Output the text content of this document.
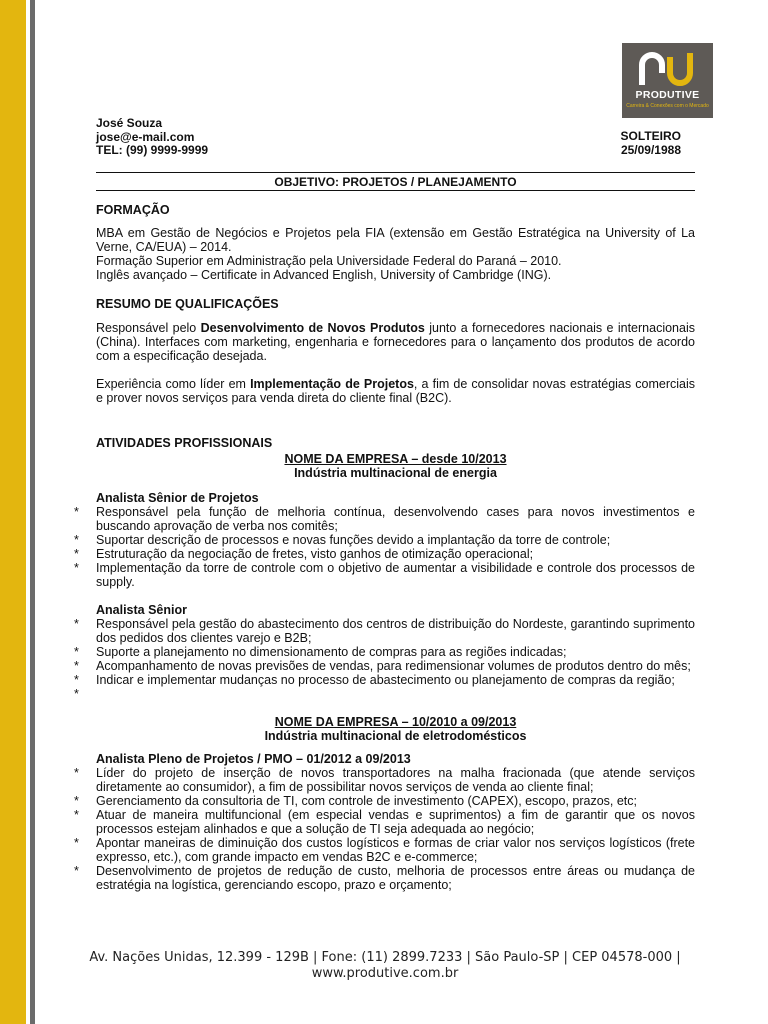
PRODUTIVE
Carreira & Conexões com o Mercado
José Souza
jose@e-mail.com
TEL: (99) 9999-9999
SOLTEIRO
25/09/1988
OBJETIVO: PROJETOS / PLANEJAMENTO
FORMAÇÃO
MBA em Gestão de Negócios e Projetos pela FIA (extensão em Gestão Estratégica na University of La Verne, CA/EUA) – 2014.
Formação Superior em Administração pela Universidade Federal do Paraná – 2010.
Inglês avançado – Certificate in Advanced English, University of Cambridge (ING).
RESUMO DE QUALIFICAÇÕES
Responsável pelo Desenvolvimento de Novos Produtos junto a fornecedores nacionais e internacionais (China). Interfaces com marketing, engenharia e fornecedores para o lançamento dos produtos de acordo com a especificação desejada.
Experiência como líder em Implementação de Projetos, a fim de consolidar novas estratégias comerciais e prover novos serviços para venda direta do cliente final (B2C).
ATIVIDADES PROFISSIONAIS
NOME DA EMPRESA – desde 10/2013
Indústria multinacional de energia
Analista Sênior de Projetos
* Responsável pela função de melhoria contínua, desenvolvendo cases para novos investimentos e buscando aprovação de verba nos comitês;
* Suportar descrição de processos e novas funções devido a implantação da torre de controle;
* Estruturação da negociação de fretes, visto ganhos de otimização operacional;
* Implementação da torre de controle com o objetivo de aumentar a visibilidade e controle dos processos de supply.
Analista Sênior
* Responsável pela gestão do abastecimento dos centros de distribuição do Nordeste, garantindo suprimento dos pedidos dos clientes varejo e B2B;
* Suporte a planejamento no dimensionamento de compras para as regiões indicadas;
* Acompanhamento de novas previsões de vendas, para redimensionar volumes de produtos dentro do mês;
* Indicar e implementar mudanças no processo de abastecimento ou planejamento de compras da região;
*
NOME DA EMPRESA – 10/2010 a 09/2013
Indústria multinacional de eletrodomésticos
Analista Pleno de Projetos / PMO – 01/2012 a 09/2013
* Líder do projeto de inserção de novos transportadores na malha fracionada (que atende serviços diretamente ao consumidor), a fim de possibilitar novos serviços de venda ao cliente final;
* Gerenciamento da consultoria de TI, com controle de investimento (CAPEX), escopo, prazos, etc;
* Atuar de maneira multifuncional (em especial vendas e suprimentos) a fim de garantir que os novos processos estejam alinhados e que a solução de TI seja adequada ao negócio;
* Apontar maneiras de diminuição dos custos logísticos e formas de criar valor nos serviços logísticos (frete expresso, etc.), com grande impacto em vendas B2C e e-commerce;
* Desenvolvimento de projetos de redução de custo, melhoria de processos entre áreas ou mudança de estratégia na logística, gerenciando escopo, prazo e orçamento;
Av. Nações Unidas, 12.399 - 129B | Fone: (11) 2899.7233 | São Paulo-SP | CEP 04578-000 |
www.produtive.com.br
